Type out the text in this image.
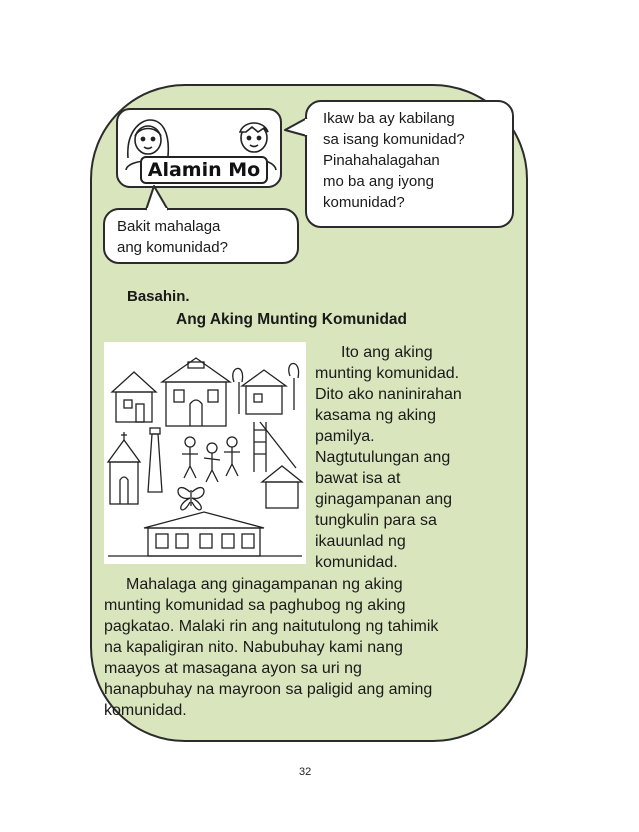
Alamin Mo
Ikaw ba ay kabilang
sa isang komunidad?
Pinahahalagahan
mo ba ang iyong
komunidad?
Bakit mahalaga
ang komunidad?
Basahin.
Ang Aking Munting Komunidad
Ito ang aking
munting komunidad.
Dito ako naninirahan
kasama ng aking
pamilya.
Nagtutulungan ang
bawat isa at
ginagampanan ang
tungkulin para sa
ikauunlad ng
komunidad.
Mahalaga ang ginagampanan ng aking
munting komunidad sa paghubog ng aking
pagkatao. Malaki rin ang naitutulong ng tahimik
na kapaligiran nito. Nabubuhay kami nang
maayos at masagana ayon sa uri ng
hanapbuhay na mayroon sa paligid ang aming
komunidad.
32
